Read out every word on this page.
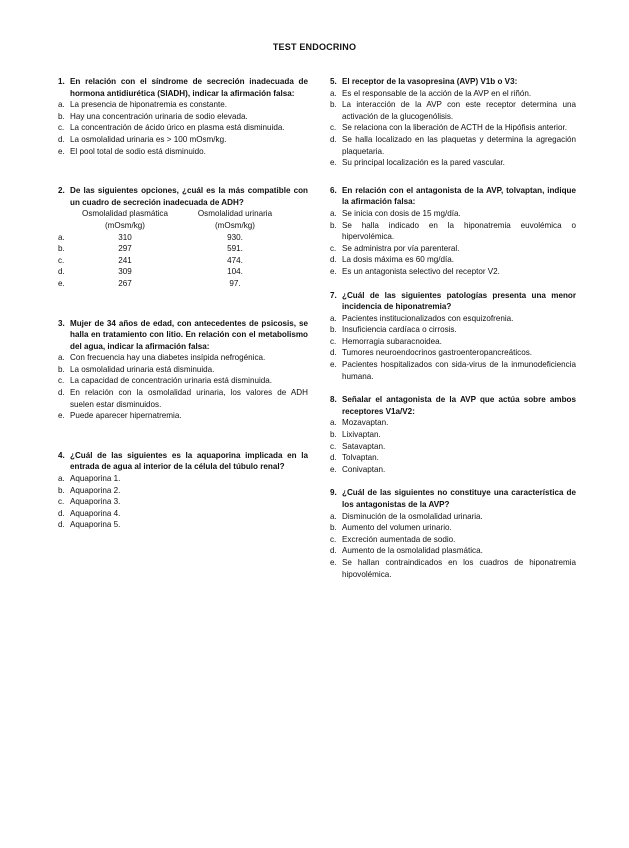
TEST ENDOCRINO
1. En relación con el síndrome de secreción inadecuada de hormona antidiurética (SIADH), indicar la afirmación falsa:
a. La presencia de hiponatremia es constante.
b. Hay una concentración urinaria de sodio elevada.
c. La concentración de ácido úrico en plasma está disminuida.
d. La osmolalidad urinaria es > 100 mOsm/kg.
e. El pool total de sodio está disminuido.
2. De las siguientes opciones, ¿cuál es la más compatible con un cuadro de secreción inadecuada de ADH?
Osmolalidad plasmática	Osmolalidad urinaria
(mOsm/kg)	(mOsm/kg)
a.	310	930.
b.	297	591.
c.	241	474.
d.	309	104.
e.	267	97.
3. Mujer de 34 años de edad, con antecedentes de psicosis, se halla en tratamiento con litio. En relación con el metabolismo del agua, indicar la afirmación falsa:
a. Con frecuencia hay una diabetes insípida nefrogénica.
b. La osmolalidad urinaria está disminuida.
c. La capacidad de concentración urinaria está disminuida.
d. En relación con la osmolalidad urinaria, los valores de ADH suelen estar disminuidos.
e. Puede aparecer hipernatremia.
4. ¿Cuál de las siguientes es la aquaporina implicada en la entrada de agua al interior de la célula del túbulo renal?
a. Aquaporina 1.
b. Aquaporina 2.
c. Aquaporina 3.
d. Aquaporina 4.
d. Aquaporina 5.
5. El receptor de la vasopresina (AVP) V1b o V3:
a. Es el responsable de la acción de la AVP en el riñón.
b. La interacción de la AVP con este receptor determina una activación de la glucogenólisis.
c. Se relaciona con la liberación de ACTH de la Hipófisis anterior.
d. Se halla localizado en las plaquetas y determina la agregación plaquetaria.
e. Su principal localización es la pared vascular.
6. En relación con el antagonista de la AVP, tolvaptan, indique la afirmación falsa:
a. Se inicia con dosis de 15 mg/día.
b. Se halla indicado en la hiponatremia euvolémica o hipervolémica.
c. Se administra por vía parenteral.
d. La dosis máxima es 60 mg/día.
e. Es un antagonista selectivo del receptor V2.
7. ¿Cuál de las siguientes patologías presenta una menor incidencia de hiponatremia?
a. Pacientes institucionalizados con esquizofrenia.
b. Insuficiencia cardíaca o cirrosis.
c. Hemorragia subaracnoidea.
d. Tumores neuroendocrinos gastroenteropancreáticos.
e. Pacientes hospitalizados con sida-virus de la inmunodeficiencia humana.
8. Señalar el antagonista de la AVP que actúa sobre ambos receptores V1a/V2:
a. Mozavaptan.
b. Lixivaptan.
c. Satavaptan.
d. Tolvaptan.
e. Conivaptan.
9. ¿Cuál de las siguientes no constituye una característica de los antagonistas de la AVP?
a. Disminución de la osmolalidad urinaria.
b. Aumento del volumen urinario.
c. Excreción aumentada de sodio.
d. Aumento de la osmolalidad plasmática.
e. Se hallan contraindicados en los cuadros de hiponatremia hipovolémica.
